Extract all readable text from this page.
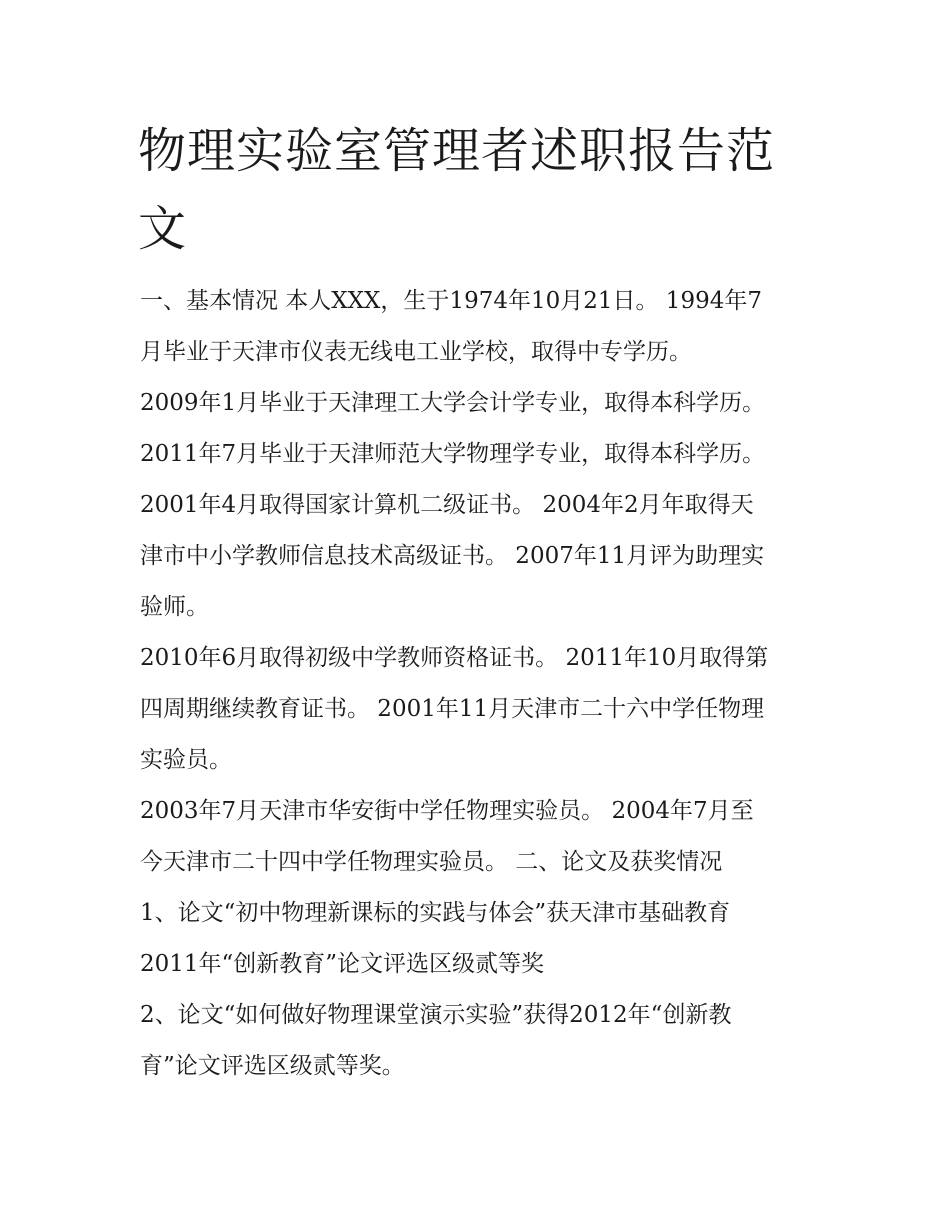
物理实验室管理者述职报告范
文

一、基本情况 本人XXX，生于1974年10月21日。 1994年7

月毕业于天津市仪表无线电工业学校，取得中专学历。

2009年1月毕业于天津理工大学会计学专业，取得本科学历。

2011年7月毕业于天津师范大学物理学专业，取得本科学历。

2001年4月取得国家计算机二级证书。 2004年2月年取得天

津市中小学教师信息技术高级证书。 2007年11月评为助理实

验师。

2010年6月取得初级中学教师资格证书。 2011年10月取得第

四周期继续教育证书。 2001年11月天津市二十六中学任物理

实验员。

2003年7月天津市华安街中学任物理实验员。 2004年7月至

今天津市二十四中学任物理实验员。 二、论文及获奖情况

1、论文“初中物理新课标的实践与体会”获天津市基础教育

2011年“创新教育”论文评选区级贰等奖

2、论文“如何做好物理课堂演示实验”获得2012年“创新教

育”论文评选区级贰等奖。
